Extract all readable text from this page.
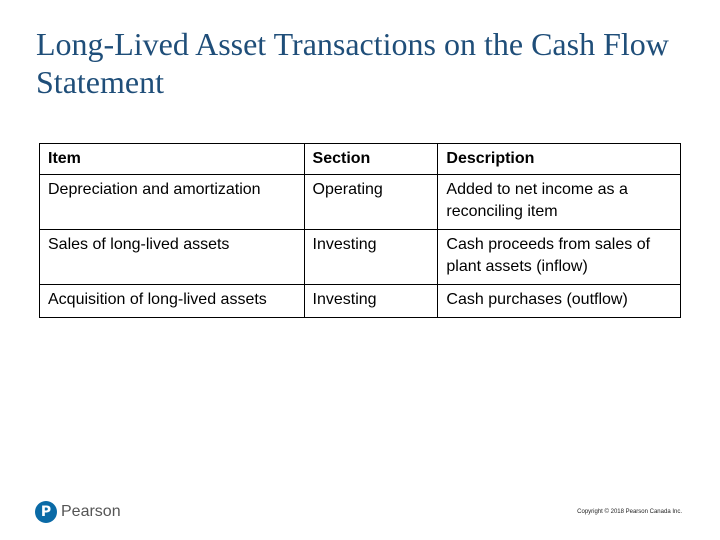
Long-Lived Asset Transactions on the Cash Flow Statement
Item	Section	Description
Depreciation and amortization	Operating	Added to net income as a reconciling item
Sales of long-lived assets	Investing	Cash proceeds from sales of plant assets (inflow)
Acquisition of long-lived assets	Investing	Cash purchases (outflow)
P Pearson	Copyright © 2018 Pearson Canada Inc.
